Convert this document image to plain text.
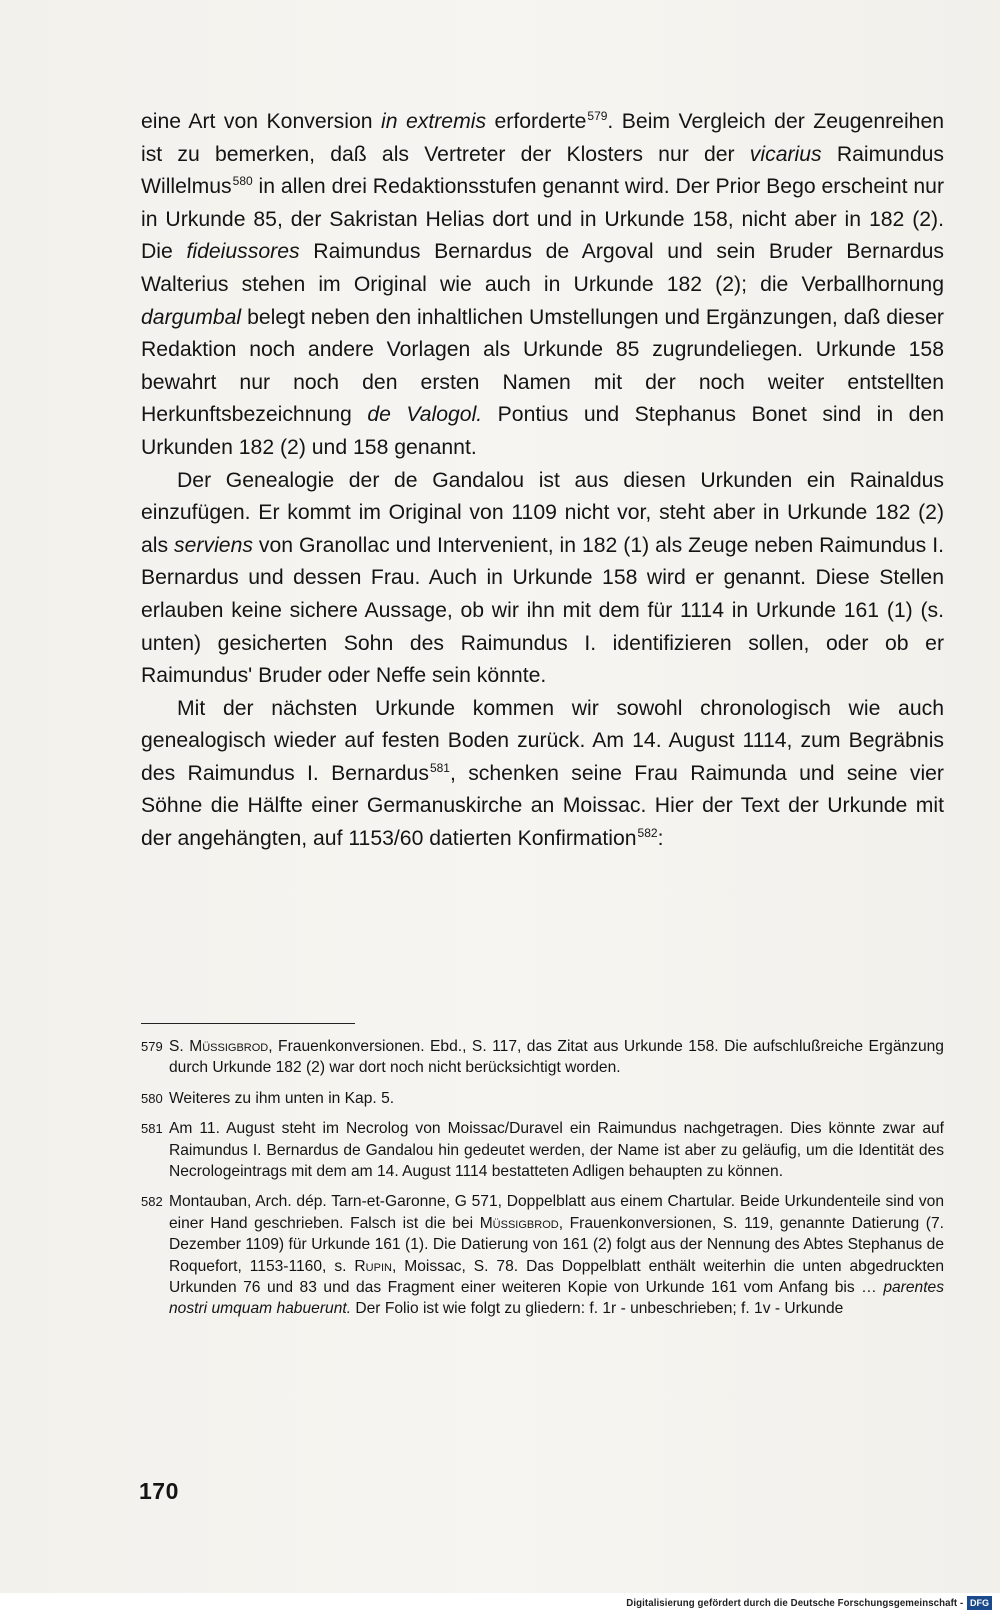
eine Art von Konversion in extremis erforderte$^{579}$. Beim Vergleich der Zeugenreihen ist zu bemerken, daß als Vertreter der Klosters nur der vicarius Raimundus Willelmus$^{580}$ in allen drei Redaktionsstufen genannt wird. Der Prior Bego erscheint nur in Urkunde 85, der Sakristan Helias dort und in Urkunde 158, nicht aber in 182 (2). Die fideiussores Raimundus Bernardus de Argoval und sein Bruder Bernardus Walterius stehen im Original wie auch in Urkunde 182 (2); die Verballhornung dargumbal belegt neben den inhaltlichen Umstellungen und Ergänzungen, daß dieser Redaktion noch andere Vorlagen als Urkunde 85 zugrundeliegen. Urkunde 158 bewahrt nur noch den ersten Namen mit der noch weiter entstellten Herkunftsbezeichnung de Valogol. Pontius und Stephanus Bonet sind in den Urkunden 182 (2) und 158 genannt.

Der Genealogie der de Gandalou ist aus diesen Urkunden ein Rainaldus einzufügen. Er kommt im Original von 1109 nicht vor, steht aber in Urkunde 182 (2) als serviens von Granollac und Intervenient, in 182 (1) als Zeuge neben Raimundus I. Bernardus und dessen Frau. Auch in Urkunde 158 wird er genannt. Diese Stellen erlauben keine sichere Aussage, ob wir ihn mit dem für 1114 in Urkunde 161 (1) (s. unten) gesicherten Sohn des Raimundus I. identifizieren sollen, oder ob er Raimundus' Bruder oder Neffe sein könnte.

Mit der nächsten Urkunde kommen wir sowohl chronologisch wie auch genealogisch wieder auf festen Boden zurück. Am 14. August 1114, zum Begräbnis des Raimundus I. Bernardus$^{581}$, schenken seine Frau Raimunda und seine vier Söhne die Hälfte einer Germanuskirche an Moissac. Hier der Text der Urkunde mit der angehängten, auf 1153/60 datierten Konfirmation$^{582}$:

579 S. Müssigbrod, Frauenkonversionen. Ebd., S. 117, das Zitat aus Urkunde 158. Die aufschlußreiche Ergänzung durch Urkunde 182 (2) war dort noch nicht berücksichtigt worden.
580 Weiteres zu ihm unten in Kap. 5.
581 Am 11. August steht im Necrolog von Moissac/Duravel ein Raimundus nachgetragen. Dies könnte zwar auf Raimundus I. Bernardus de Gandalou hin gedeutet werden, der Name ist aber zu geläufig, um die Identität des Necrologeintrags mit dem am 14. August 1114 bestatteten Adligen behaupten zu können.
582 Montauban, Arch. dép. Tarn-et-Garonne, G 571, Doppelblatt aus einem Chartular. Beide Urkundenteile sind von einer Hand geschrieben. Falsch ist die bei Müssigbrod, Frauenkonversionen, S. 119, genannte Datierung (7. Dezember 1109) für Urkunde 161 (1). Die Datierung von 161 (2) folgt aus der Nennung des Abtes Stephanus de Roquefort, 1153-1160, s. Rupin, Moissac, S. 78. Das Doppelblatt enthält weiterhin die unten abgedruckten Urkunden 76 und 83 und das Fragment einer weiteren Kopie von Urkunde 161 vom Anfang bis … parentes nostri umquam habuerunt. Der Folio ist wie folgt zu gliedern: f. 1r - unbeschrieben; f. 1v - Urkunde
170
Digitalisierung gefördert durch die Deutsche Forschungsgemeinschaft - DFG
